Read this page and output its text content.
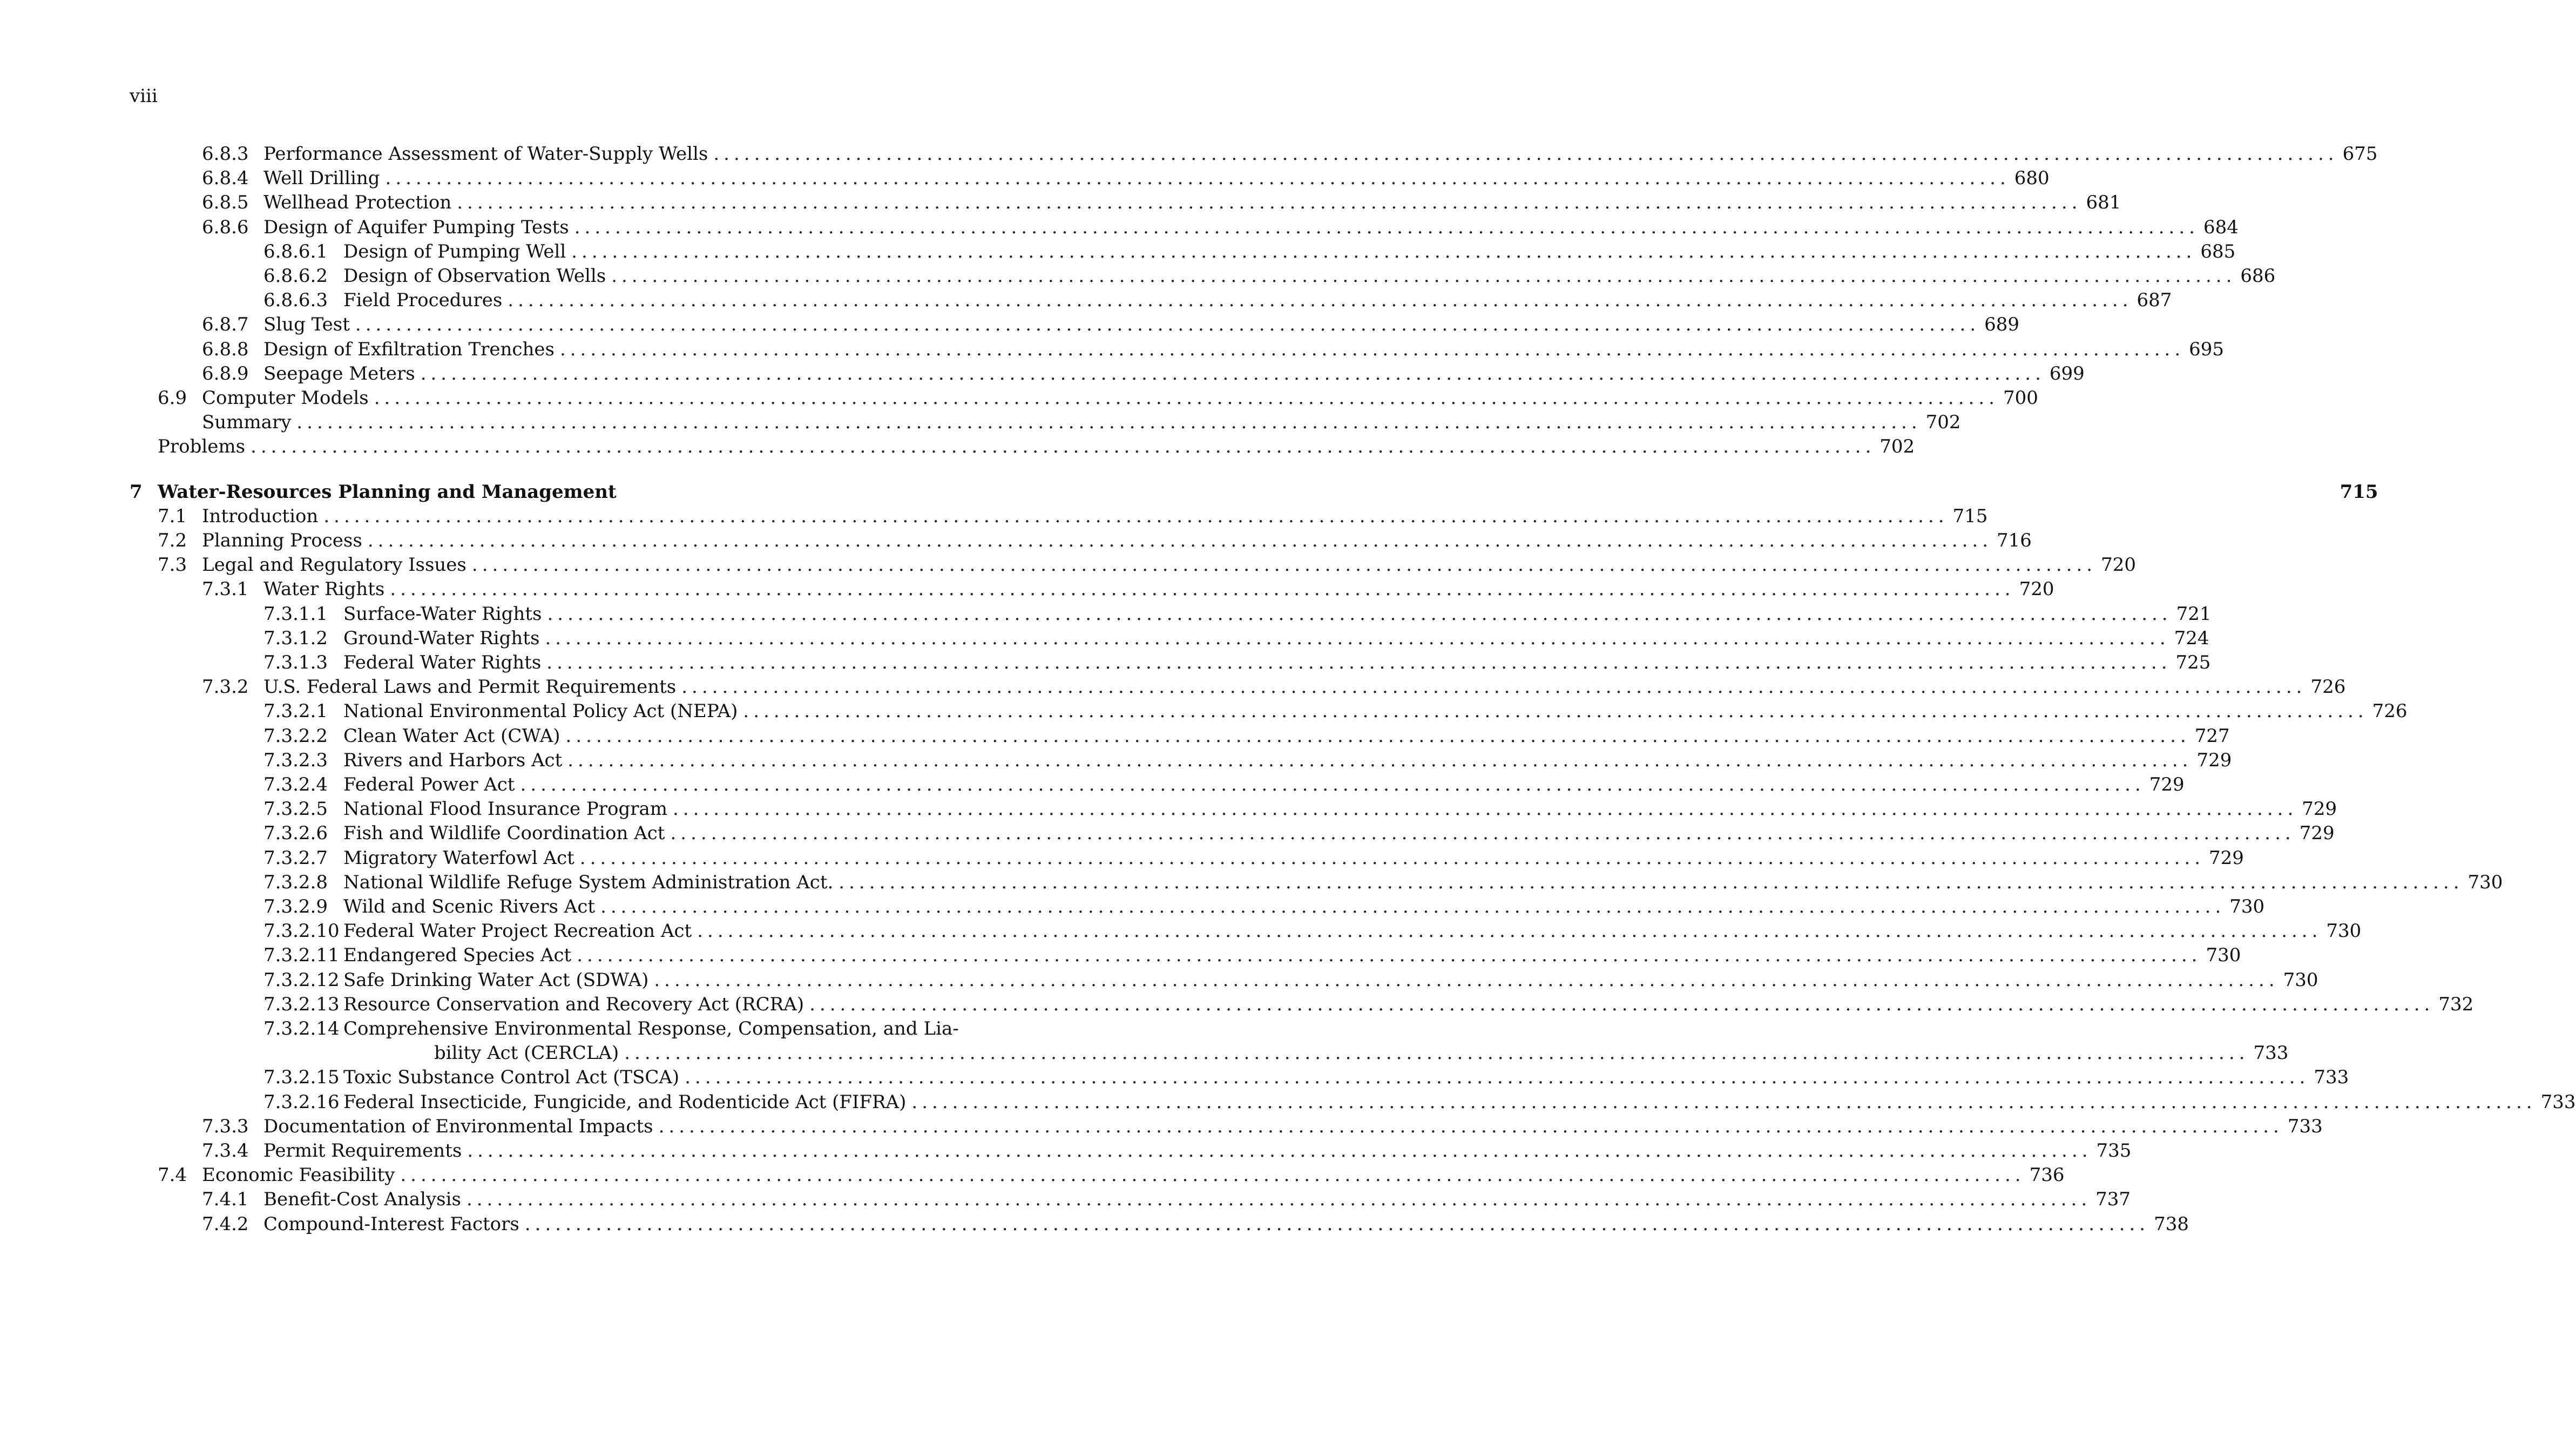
viii
6.8.3 Performance Assessment of Water-Supply Wells ................................................................................................................................................................ 675
6.8.4 Well Drilling ................................................................................................................................................................ 680
6.8.5 Wellhead Protection ................................................................................................................................................................ 681
6.8.6 Design of Aquifer Pumping Tests ................................................................................................................................................................ 684
6.8.6.1 Design of Pumping Well ................................................................................................................................................................ 685
6.8.6.2 Design of Observation Wells ................................................................................................................................................................ 686
6.8.6.3 Field Procedures ................................................................................................................................................................ 687
6.8.7 Slug Test ................................................................................................................................................................ 689
6.8.8 Design of Exfiltration Trenches ................................................................................................................................................................ 695
6.8.9 Seepage Meters ................................................................................................................................................................ 699
6.9 Computer Models ................................................................................................................................................................ 700
Summary ................................................................................................................................................................ 702
Problems ................................................................................................................................................................ 702
7 Water-Resources Planning and Management	715
7.1 Introduction ................................................................................................................................................................ 715
7.2 Planning Process ................................................................................................................................................................ 716
7.3 Legal and Regulatory Issues ................................................................................................................................................................ 720
7.3.1 Water Rights ................................................................................................................................................................ 720
7.3.1.1 Surface-Water Rights ................................................................................................................................................................ 721
7.3.1.2 Ground-Water Rights ................................................................................................................................................................ 724
7.3.1.3 Federal Water Rights ................................................................................................................................................................ 725
7.3.2 U.S. Federal Laws and Permit Requirements ................................................................................................................................................................ 726
7.3.2.1 National Environmental Policy Act (NEPA) ................................................................................................................................................................ 726
7.3.2.2 Clean Water Act (CWA) ................................................................................................................................................................ 727
7.3.2.3 Rivers and Harbors Act ................................................................................................................................................................ 729
7.3.2.4 Federal Power Act ................................................................................................................................................................ 729
7.3.2.5 National Flood Insurance Program ................................................................................................................................................................ 729
7.3.2.6 Fish and Wildlife Coordination Act ................................................................................................................................................................ 729
7.3.2.7 Migratory Waterfowl Act ................................................................................................................................................................ 729
7.3.2.8 National Wildlife Refuge System Administration Act. ................................................................................................................................................................ 730
7.3.2.9 Wild and Scenic Rivers Act ................................................................................................................................................................ 730
7.3.2.10 Federal Water Project Recreation Act ................................................................................................................................................................ 730
7.3.2.11 Endangered Species Act ................................................................................................................................................................ 730
7.3.2.12 Safe Drinking Water Act (SDWA) ................................................................................................................................................................ 730
7.3.2.13 Resource Conservation and Recovery Act (RCRA) ................................................................................................................................................................ 732
7.3.2.14 Comprehensive Environmental Response, Compensation, and Lia-
bility Act (CERCLA) ................................................................................................................................................................ 733
7.3.2.15 Toxic Substance Control Act (TSCA) ................................................................................................................................................................ 733
7.3.2.16 Federal Insecticide, Fungicide, and Rodenticide Act (FIFRA) ................................................................................................................................................................ 733
7.3.3 Documentation of Environmental Impacts ................................................................................................................................................................ 733
7.3.4 Permit Requirements ................................................................................................................................................................ 735
7.4 Economic Feasibility ................................................................................................................................................................ 736
7.4.1 Benefit-Cost Analysis ................................................................................................................................................................ 737
7.4.2 Compound-Interest Factors ................................................................................................................................................................ 738
